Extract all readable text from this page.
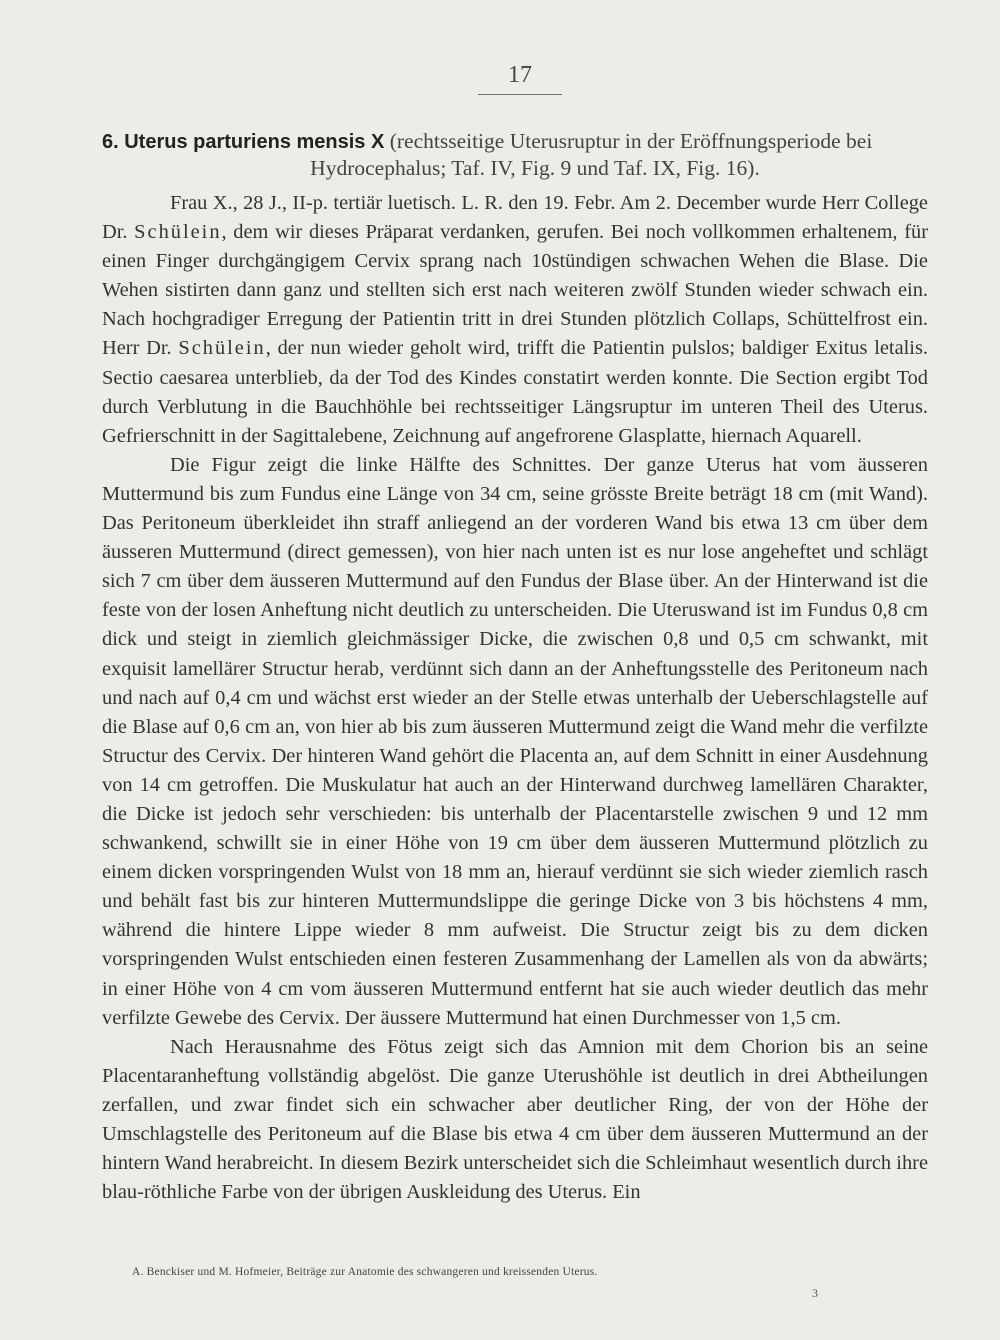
17

6. Uterus parturiens mensis X (rechtsseitige Uterusruptur in der Eröffnungsperiode bei
Hydrocephalus; Taf. IV, Fig. 9 und Taf. IX, Fig. 16).

Frau X., 28 J., II-p. tertiär luetisch. L. R. den 19. Febr. Am 2. December wurde Herr College Dr. Schülein, dem wir dieses Präparat verdanken, gerufen. Bei noch vollkommen erhaltenem, für einen Finger durchgängigem Cervix sprang nach 10stündigen schwachen Wehen die Blase. Die Wehen sistirten dann ganz und stellten sich erst nach weiteren zwölf Stunden wieder schwach ein. Nach hochgradiger Erregung der Patientin tritt in drei Stunden plötzlich Collaps, Schüttelfrost ein. Herr Dr. Schülein, der nun wieder geholt wird, trifft die Patientin pulslos; baldiger Exitus letalis. Sectio caesarea unterblieb, da der Tod des Kindes constatirt werden konnte. Die Section ergibt Tod durch Verblutung in die Bauchhöhle bei rechtsseitiger Längsruptur im unteren Theil des Uterus. Gefrierschnitt in der Sagittalebene, Zeichnung auf angefrorene Glasplatte, hiernach Aquarell.

Die Figur zeigt die linke Hälfte des Schnittes. Der ganze Uterus hat vom äusseren Muttermund bis zum Fundus eine Länge von 34 cm, seine grösste Breite beträgt 18 cm (mit Wand). Das Peritoneum überkleidet ihn straff anliegend an der vorderen Wand bis etwa 13 cm über dem äusseren Muttermund (direct gemessen), von hier nach unten ist es nur lose angeheftet und schlägt sich 7 cm über dem äusseren Muttermund auf den Fundus der Blase über. An der Hinterwand ist die feste von der losen Anheftung nicht deutlich zu unterscheiden. Die Uteruswand ist im Fundus 0,8 cm dick und steigt in ziemlich gleichmässiger Dicke, die zwischen 0,8 und 0,5 cm schwankt, mit exquisit lamellärer Structur herab, verdünnt sich dann an der Anheftungsstelle des Peritoneum nach und nach auf 0,4 cm und wächst erst wieder an der Stelle etwas unterhalb der Ueberschlagstelle auf die Blase auf 0,6 cm an, von hier ab bis zum äusseren Muttermund zeigt die Wand mehr die verfilzte Structur des Cervix. Der hinteren Wand gehört die Placenta an, auf dem Schnitt in einer Ausdehnung von 14 cm getroffen. Die Muskulatur hat auch an der Hinterwand durchweg lamellären Charakter, die Dicke ist jedoch sehr verschieden: bis unterhalb der Placentarstelle zwischen 9 und 12 mm schwankend, schwillt sie in einer Höhe von 19 cm über dem äusseren Muttermund plötzlich zu einem dicken vorspringenden Wulst von 18 mm an, hierauf verdünnt sie sich wieder ziemlich rasch und behält fast bis zur hinteren Muttermundslippe die geringe Dicke von 3 bis höchstens 4 mm, während die hintere Lippe wieder 8 mm aufweist. Die Structur zeigt bis zu dem dicken vorspringenden Wulst entschieden einen festeren Zusammenhang der Lamellen als von da abwärts; in einer Höhe von 4 cm vom äusseren Muttermund entfernt hat sie auch wieder deutlich das mehr verfilzte Gewebe des Cervix. Der äussere Muttermund hat einen Durchmesser von 1,5 cm.

Nach Herausnahme des Fötus zeigt sich das Amnion mit dem Chorion bis an seine Placentaranheftung vollständig abgelöst. Die ganze Uterushöhle ist deutlich in drei Abtheilungen zerfallen, und zwar findet sich ein schwacher aber deutlicher Ring, der von der Höhe der Umschlagstelle des Peritoneum auf die Blase bis etwa 4 cm über dem äusseren Muttermund an der hintern Wand herabreicht. In diesem Bezirk unterscheidet sich die Schleimhaut wesentlich durch ihre blau-röthliche Farbe von der übrigen Auskleidung des Uterus. Ein

A. Benckiser und M. Hofmeier, Beiträge zur Anatomie des schwangeren und kreissenden Uterus.
3
